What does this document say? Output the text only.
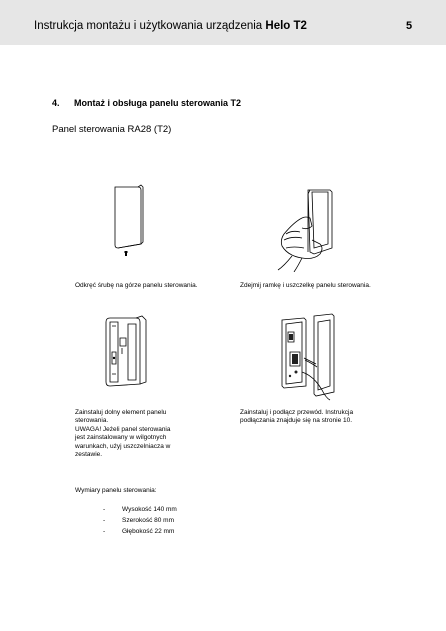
Instrukcja montażu i użytkowania urządzenia Helo T2	5
4. Montaż i obsługa panelu sterowania T2
Panel sterowania RA28 (T2)

Odkręć śrubę na górze panelu sterowania.	Zdejmij ramkę i uszczelkę panelu sterowania.

Zainstaluj dolny element panelu

sterowania.

UWAGA! Jeżeli panel sterowania

jest zainstalowany w wilgotnych

warunkach, użyj uszczelniacza w

zestawie.

Zainstaluj i podłącz przewód. Instrukcja

podłączania znajduje się na stronie 10.

Wymiary panelu sterowania:
-	Wysokość 140 mm
-	Szerokość 80 mm
-	Głębokość 22 mm
